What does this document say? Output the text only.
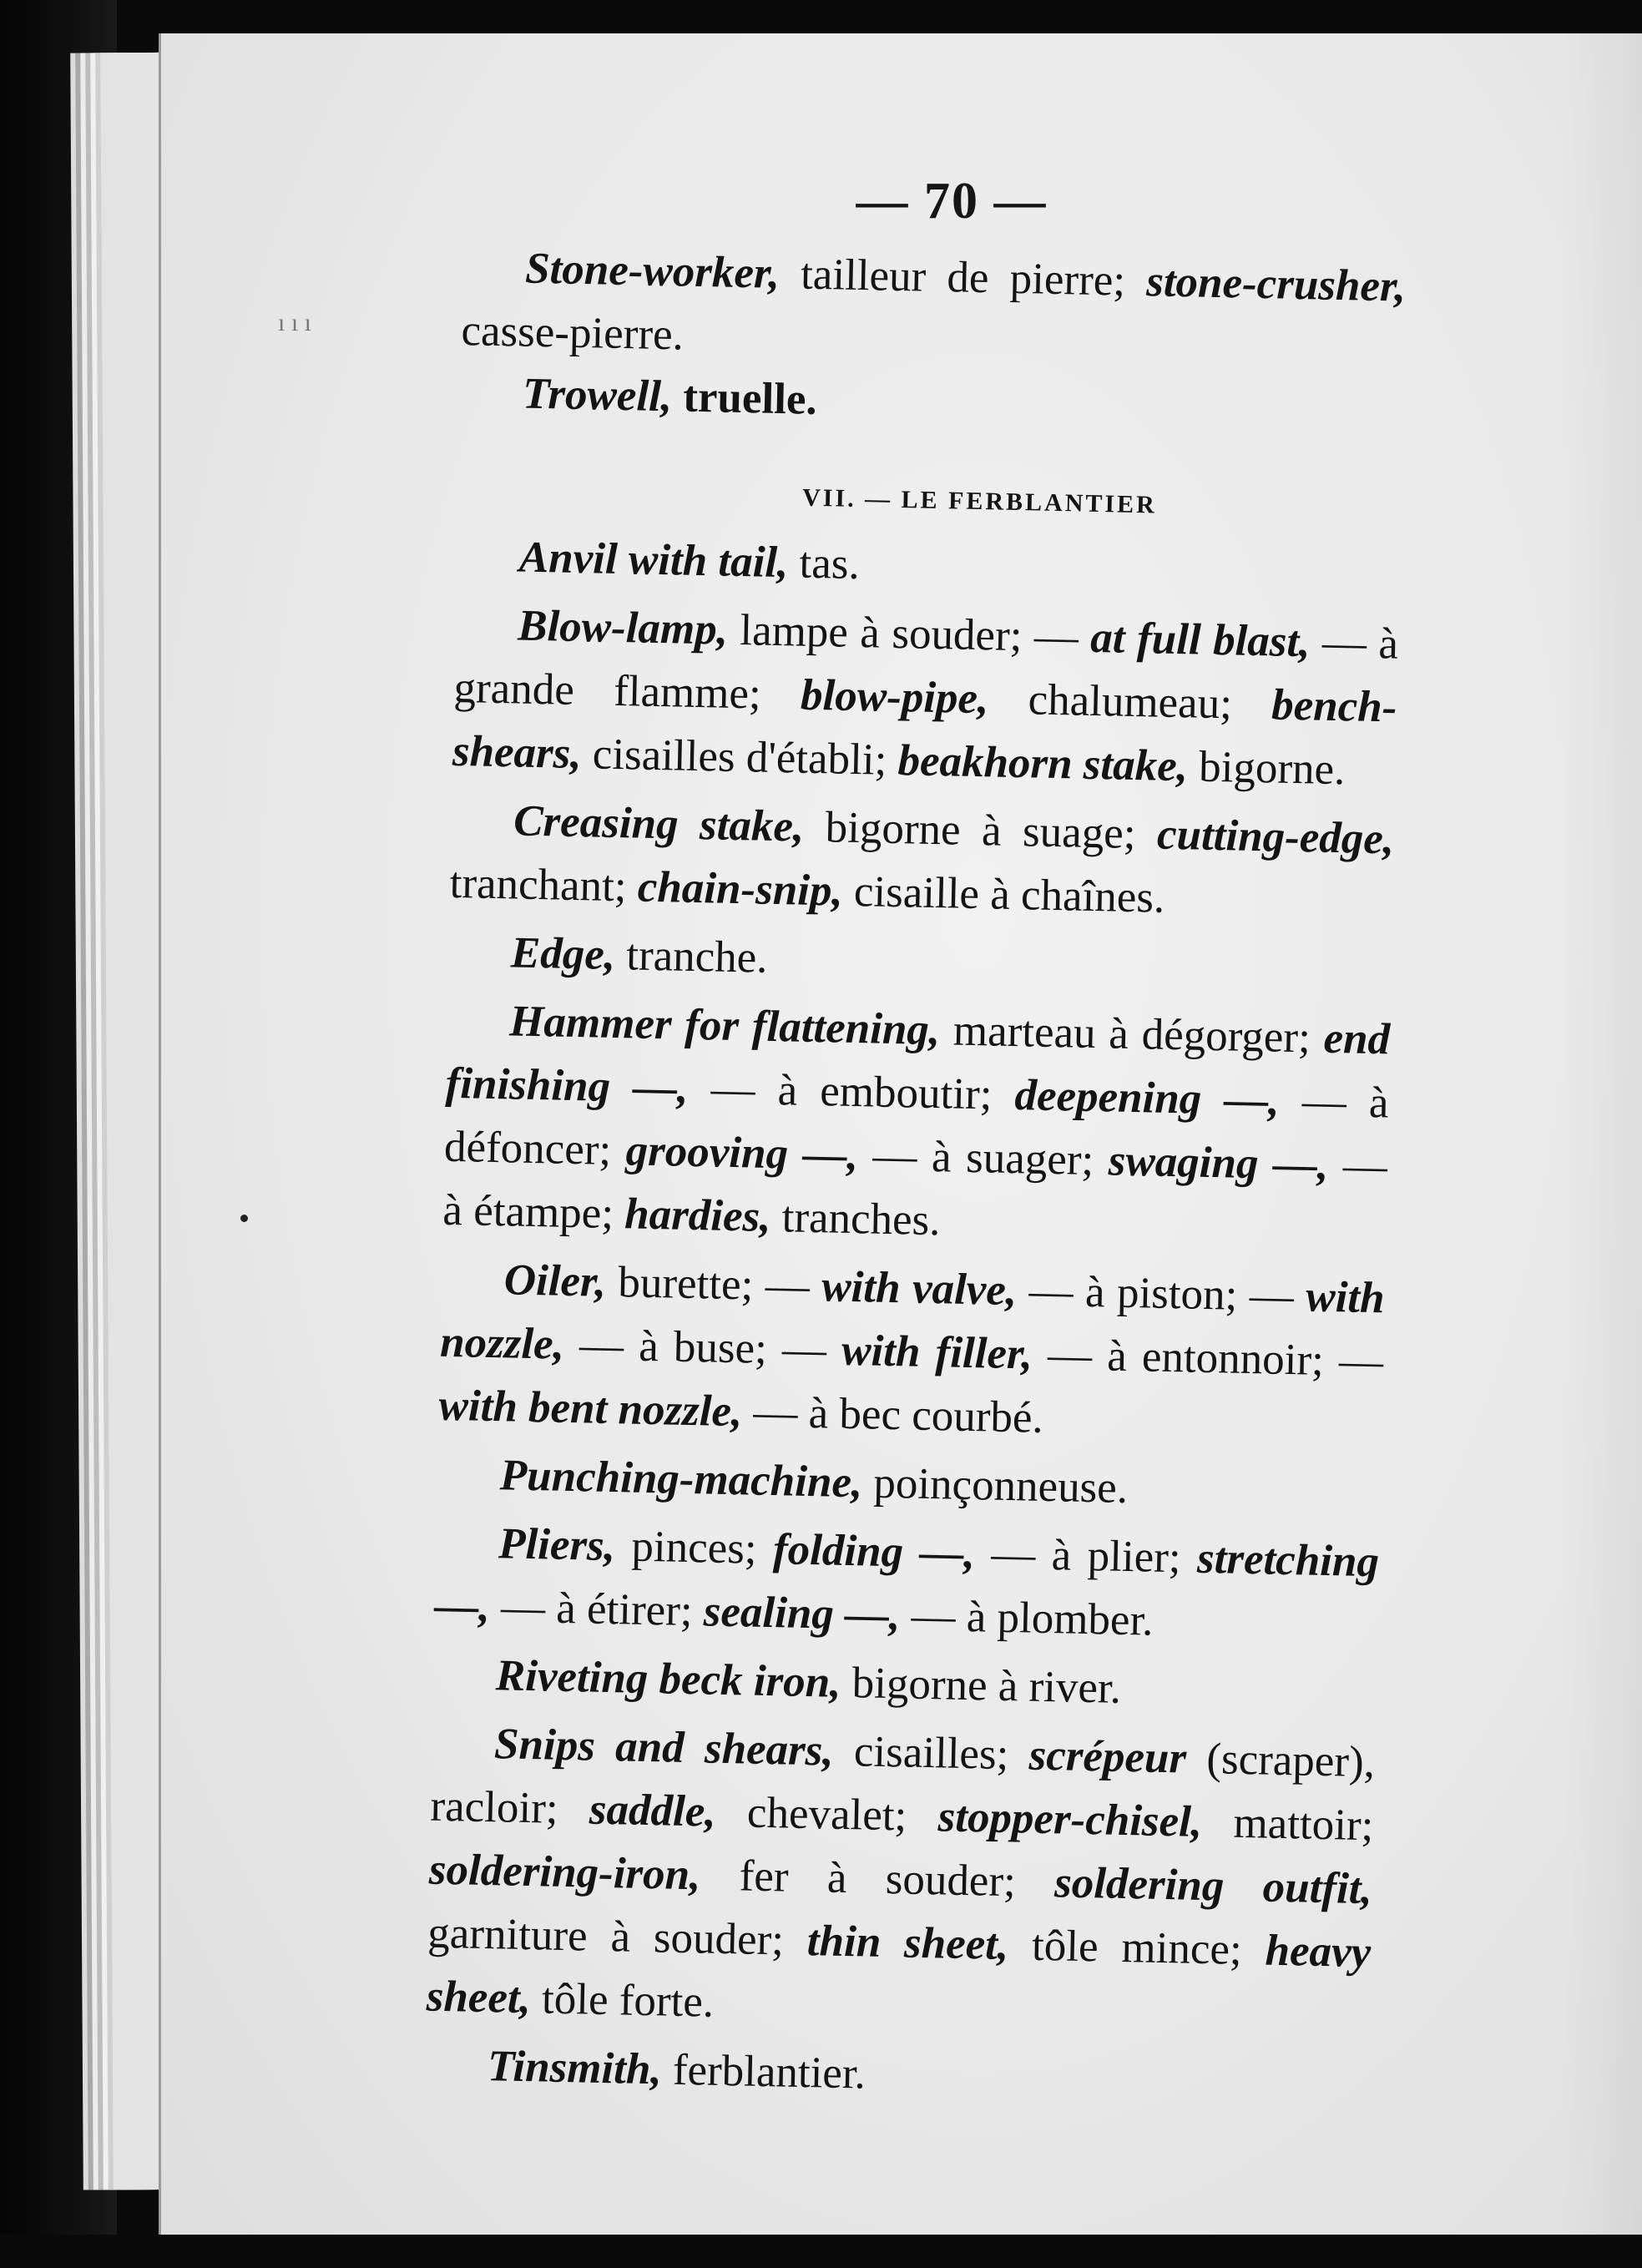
ı ı ı
— 70 —

Stone-worker, tailleur de pierre; stone-crusher, casse-pierre.

Trowell, truelle.

VII. — LE FERBLANTIER

Anvil with tail, tas.

Blow-lamp, lampe à souder; — at full blast, — à grande flamme; blow-pipe, chalumeau; bench-shears, cisailles d'établi; beakhorn stake, bigorne.

Creasing stake, bigorne à suage; cutting-edge, tranchant; chain-snip, cisaille à chaînes.

Edge, tranche.

Hammer for flattening, marteau à dégorger; end finishing —, — à emboutir; deepening —, — à défoncer; grooving —, — à suager; swaging —, — à étampe; hardies, tranches.

Oiler, burette; — with valve, — à piston; — with nozzle, — à buse; — with filler, — à entonnoir; — with bent nozzle, — à bec courbé.

Punching-machine, poinçonneuse.

Pliers, pinces; folding —, — à plier; stretching —, — à étirer; sealing —, — à plomber.

Riveting beck iron, bigorne à river.

Snips and shears, cisailles; scrépeur (scraper), racloir; saddle, chevalet; stopper-chisel, mattoir; soldering-iron, fer à souder; soldering outfit, garniture à souder; thin sheet, tôle mince; heavy sheet, tôle forte.

Tinsmith, ferblantier.
